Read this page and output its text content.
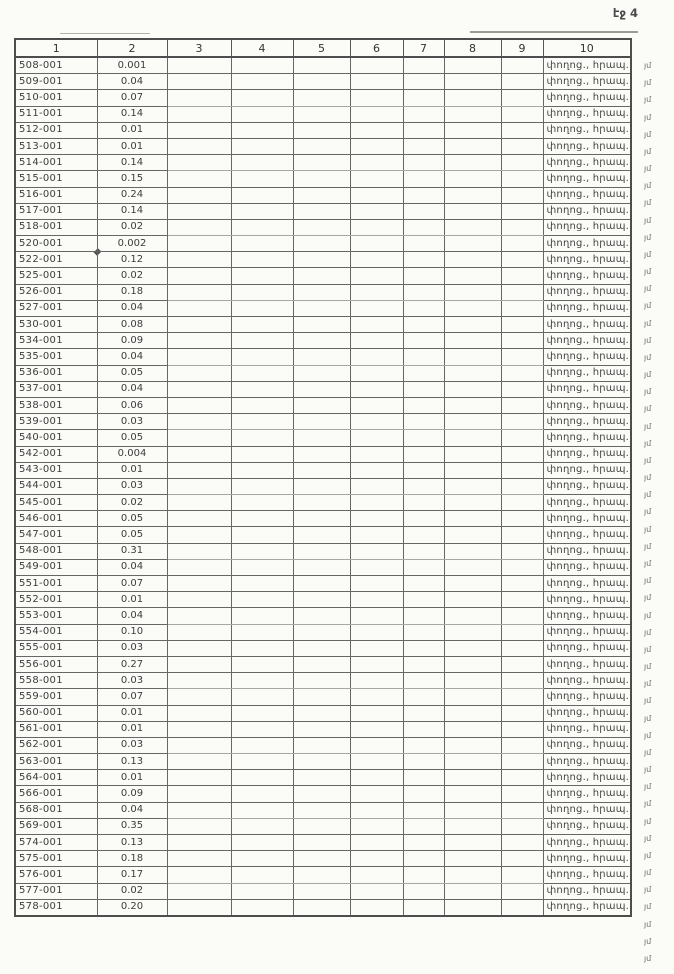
էջ 4
1	2	3	4	5	6	7	8	9	10
508-001	0.001								փողոց., հրապ.
509-001	0.04								փողոց., հրապ.
510-001	0.07								փողոց., հրապ.
511-001	0.14								փողոց., հրապ.
512-001	0.01								փողոց., հրապ.
513-001	0.01								փողոց., հրապ.
514-001	0.14								փողոց., հրապ.
515-001	0.15								փողոց., հրապ.
516-001	0.24								փողոց., հրապ.
517-001	0.14								փողոց., հրապ.
518-001	0.02								փողոց., հրապ.
520-001	0.002								փողոց., հրապ.
522-001	0.12								փողոց., հրապ.
525-001	0.02								փողոց., հրապ.
526-001	0.18								փողոց., հրապ.
527-001	0.04								փողոց., հրապ.
530-001	0.08								փողոց., հրապ.
534-001	0.09								փողոց., հրապ.
535-001	0.04								փողոց., հրապ.
536-001	0.05								փողոց., հրապ.
537-001	0.04								փողոց., հրապ.
538-001	0.06								փողոց., հրապ.
539-001	0.03								փողոց., հրապ.
540-001	0.05								փողոց., հրապ.
542-001	0.004								փողոց., հրապ.
543-001	0.01								փողոց., հրապ.
544-001	0.03								փողոց., հրապ.
545-001	0.02								փողոց., հրապ.
546-001	0.05								փողոց., հրապ.
547-001	0.05								փողոց., հրապ.
548-001	0.31								փողոց., հրապ.
549-001	0.04								փողոց., հրապ.
551-001	0.07								փողոց., հրապ.
552-001	0.01								փողոց., հրապ.
553-001	0.04								փողոց., հրապ.
554-001	0.10								փողոց., հրապ.
555-001	0.03								փողոց., հրապ.
556-001	0.27								փողոց., հրապ.
558-001	0.03								փողոց., հրապ.
559-001	0.07								փողոց., հրապ.
560-001	0.01								փողոց., հրապ.
561-001	0.01								փողոց., հրապ.
562-001	0.03								փողոց., հրապ.
563-001	0.13								փողոց., հրապ.
564-001	0.01								փողոց., հրապ.
566-001	0.09								փողոց., հրապ.
568-001	0.04								փողոց., հրապ.
569-001	0.35								փողոց., հրապ.
574-001	0.13								փողոց., հրապ.
575-001	0.18								փողոց., հրապ.
576-001	0.17								փողոց., հրապ.
577-001	0.02								փողոց., հրապ.
578-001	0.20								փողոց., հրապ.
յմ
յմ
յմ
յմ
յմ
յմ
յմ
յմ
յմ
յմ
յմ
յմ
յմ
յմ
յմ
յմ
յմ
յմ
յմ
յմ
յմ
յմ
յմ
յմ
յմ
յմ
յմ
յմ
յմ
յմ
յմ
յմ
յմ
յմ
յմ
յմ
յմ
յմ
յմ
յմ
յմ
յմ
յմ
յմ
յմ
յմ
յմ
յմ
յմ
յմ
յմ
յմ
յմ
